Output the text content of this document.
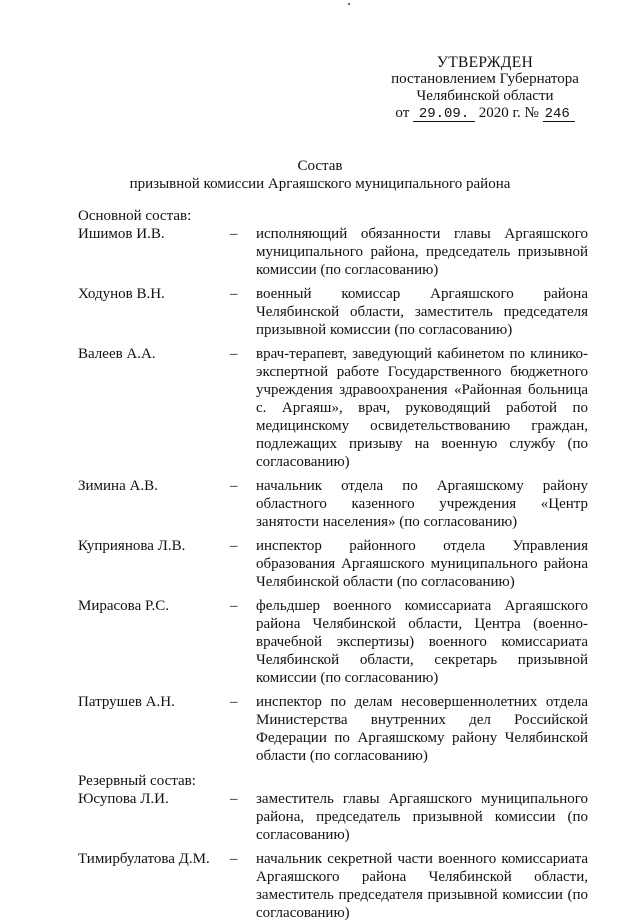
УТВЕРЖДЕН
постановлением Губернатора
Челябинской области
от 29.09. 2020 г. № 246
Состав
призывной комиссии Аргаяшского муниципального района
Основной состав:
Ишимов И.В.	–	исполняющий обязанности главы Аргаяшского муниципального района, председатель призывной комиссии (по согласованию)
Ходунов В.Н.	–	военный комиссар Аргаяшского района Челябинской области, заместитель председателя призывной комиссии (по согласованию)
Валеев А.А.	–	врач-терапевт, заведующий кабинетом по клинико-экспертной работе Государственного бюджетного учреждения здравоохранения «Районная больница с. Аргаяш», врач, руководящий работой по медицинскому освидетельствованию граждан, подлежащих призыву на военную службу (по согласованию)
Зимина А.В.	–	начальник отдела по Аргаяшскому району областного казенного учреждения «Центр занятости населения» (по согласованию)
Куприянова Л.В.	–	инспектор районного отдела Управления образования Аргаяшского муниципального района Челябинской области (по согласованию)
Мирасова Р.С.	–	фельдшер военного комиссариата Аргаяшского района Челябинской области, Центра (военно-врачебной экспертизы) военного комиссариата Челябинской области, секретарь призывной комиссии (по согласованию)
Патрушев А.Н.	–	инспектор по делам несовершеннолетних отдела Министерства внутренних дел Российской Федерации по Аргаяшскому району Челябинской области (по согласованию)
Резервный состав:
Юсупова Л.И.	–	заместитель главы Аргаяшского муниципального района, председатель призывной комиссии (по согласованию)
Тимирбулатова Д.М.	–	начальник секретной части военного комиссариата Аргаяшского района Челябинской области, заместитель председателя призывной комиссии (по согласованию)
